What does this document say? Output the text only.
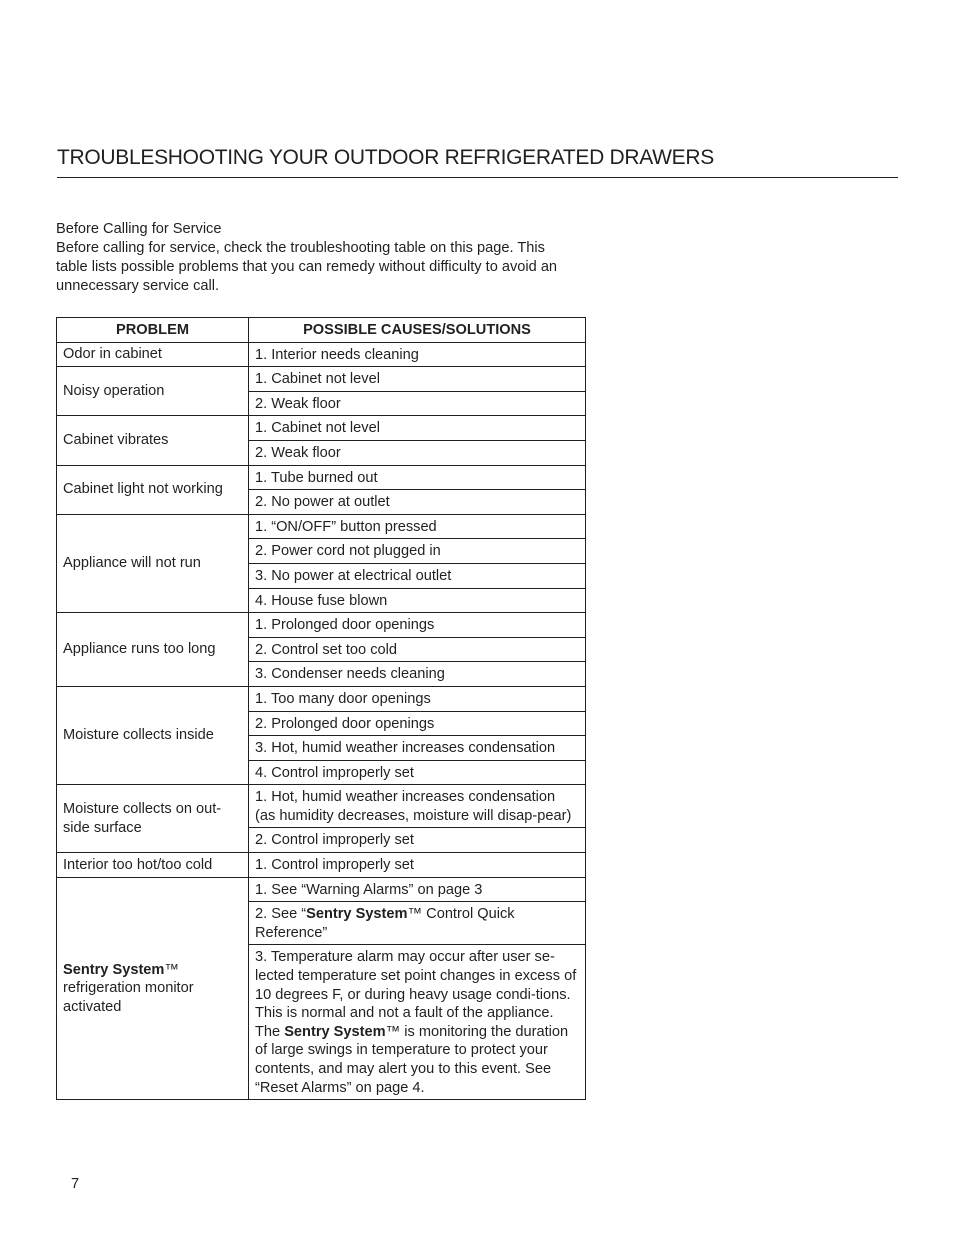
TROUBLESHOOTING YOUR OUTDOOR REFRIGERATED DRAWERS

Before Calling for Service

Before calling for service, check the troubleshooting table on this page. This

table lists possible problems that you can remedy without difficulty to avoid an

unnecessary service call.

PROBLEM	POSSIBLE CAUSES/SOLUTIONS
Odor in cabinet	1. Interior needs cleaning
Noisy operation	1. Cabinet not level
	2. Weak floor
Cabinet vibrates	1. Cabinet not level
	2. Weak floor
Cabinet light not working	1. Tube burned out
	2. No power at outlet
Appliance will not run	1. “ON/OFF” button pressed
	2. Power cord not plugged in
	3. No power at electrical outlet
	4. House fuse blown
Appliance runs too long	1. Prolonged door openings
	2. Control set too cold
	3. Condenser needs cleaning
Moisture collects inside	1. Too many door openings
	2. Prolonged door openings
	3. Hot, humid weather increases condensation
	4. Control improperly set
Moisture collects on out-side surface	1. Hot, humid weather increases condensation (as humidity decreases, moisture will disap-pear)
	2. Control improperly set
Interior too hot/too cold	1. Control improperly set
Sentry System™
refrigeration monitor activated	1. See “Warning Alarms” on page 3
	2. See “Sentry System™ Control Quick Reference”
	3. Temperature alarm may occur after user se-lected temperature set point changes in excess of 10 degrees F, or during heavy usage condi-tions. This is normal and not a fault of the appliance. The Sentry System™ is monitoring the duration of large swings in temperature to protect your contents, and may alert you to this event. See “Reset Alarms” on page 4.
7
